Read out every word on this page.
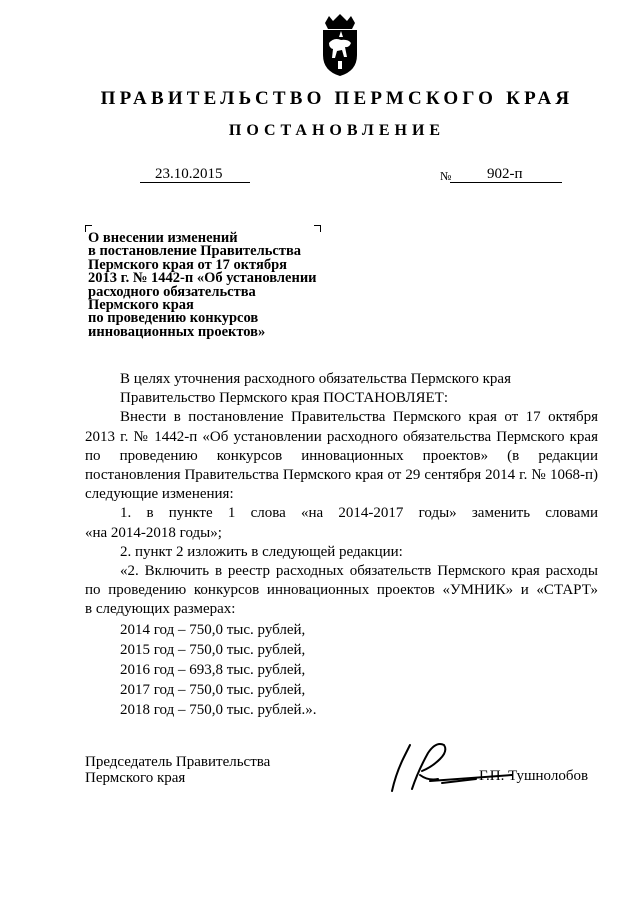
ПРАВИТЕЛЬСТВО ПЕРМСКОГО КРАЯ
ПОСТАНОВЛЕНИЕ
23.10.2015	№ 902-п
О внесении изменений
в постановление Правительства
Пермского края от 17 октября
2013 г. № 1442-п «Об установлении
расходного обязательства
Пермского края
по проведению конкурсов
инновационных проектов»

В целях уточнения расходного обязательства Пермского края

Правительство Пермского края ПОСТАНОВЛЯЕТ:

Внести в постановление Правительства Пермского края от 17 октября

2013 г. № 1442-п «Об установлении расходного обязательства Пермского края

по проведению конкурсов инновационных проектов» (в редакции

постановления Правительства Пермского края от 29 сентября 2014 г. № 1068-п)

следующие изменения:

1. в пункте 1 слова «на 2014-2017 годы» заменить словами

«на 2014-2018 годы»;

2. пункт 2 изложить в следующей редакции:

«2. Включить в реестр расходных обязательств Пермского края расходы

по проведению конкурсов инновационных проектов «УМНИК» и «СТАРТ»

в следующих размерах:

2014 год – 750,0 тыс. рублей,

2015 год – 750,0 тыс. рублей,

2016 год – 693,8 тыс. рублей,

2017 год – 750,0 тыс. рублей,

2018 год – 750,0 тыс. рублей.».

Председатель Правительства
Пермского края	Г.П. Тушнолобов
